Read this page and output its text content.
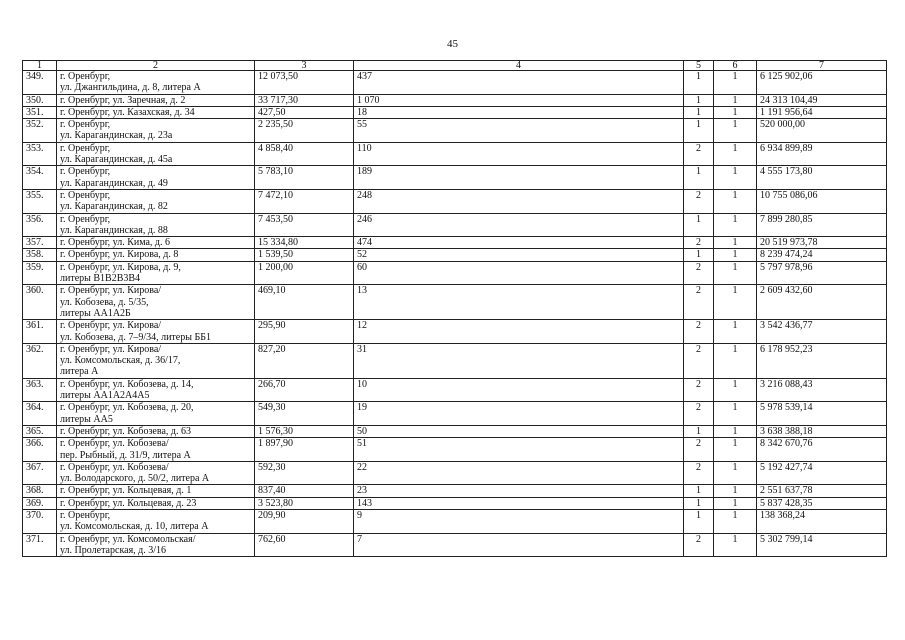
45
1	2	3	4	5	6	7
349.	г. Оренбург,
ул. Джангильдина, д. 8, литера А	12 073,50	437	1	1	6 125 902,06
350.	г. Оренбург, ул. Заречная, д. 2	33 717,30	1 070	1	1	24 313 104,49
351.	г. Оренбург, ул. Казахская, д. 34	427,50	18	1	1	1 191 956,64
352.	г. Оренбург,
ул. Карагандинская, д. 23а	2 235,50	55	1	1	520 000,00
353.	г. Оренбург,
ул. Карагандинская, д. 45а	4 858,40	110	2	1	6 934 899,89
354.	г. Оренбург,
ул. Карагандинская, д. 49	5 783,10	189	1	1	4 555 173,80
355.	г. Оренбург,
ул. Карагандинская, д. 82	7 472,10	248	2	1	10 755 086,06
356.	г. Оренбург,
ул. Карагандинская, д. 88	7 453,50	246	1	1	7 899 280,85
357.	г. Оренбург, ул. Кима, д. 6	15 334,80	474	2	1	20 519 973,78
358.	г. Оренбург, ул. Кирова, д. 8	1 539,50	52	1	1	8 239 474,24
359.	г. Оренбург, ул. Кирова, д. 9,
литеры В1В2В3В4	1 200,00	60	2	1	5 797 978,96
360.	г. Оренбург, ул. Кирова/
ул. Кобозева, д. 5/35,
литеры АА1А2Б	469,10	13	2	1	2 609 432,60
361.	г. Оренбург, ул. Кирова/
ул. Кобозева, д. 7–9/34, литеры ББ1	295,90	12	2	1	3 542 436,77
362.	г. Оренбург, ул. Кирова/
ул. Комсомольская, д. 36/17,
литера А	827,20	31	2	1	6 178 952,23
363.	г. Оренбург, ул. Кобозева, д. 14,
литеры АА1А2А4А5	266,70	10	2	1	3 216 088,43
364.	г. Оренбург, ул. Кобозева, д. 20,
литеры АА5	549,30	19	2	1	5 978 539,14
365.	г. Оренбург, ул. Кобозева, д. 63	1 576,30	50	1	1	3 638 388,18
366.	г. Оренбург, ул. Кобозева/
пер. Рыбный, д. 31/9, литера А	1 897,90	51	2	1	8 342 670,76
367.	г. Оренбург, ул. Кобозева/
ул. Володарского, д. 50/2, литера А	592,30	22	2	1	5 192 427,74
368.	г. Оренбург, ул. Кольцевая, д. 1	837,40	23	1	1	2 551 637,78
369.	г. Оренбург, ул. Кольцевая, д. 23	3 523,80	143	1	1	5 837 428,35
370.	г. Оренбург,
ул. Комсомольская, д. 10, литера А	209,90	9	1	1	138 368,24
371.	г. Оренбург, ул. Комсомольская/
ул. Пролетарская, д. 3/16	762,60	7	2	1	5 302 799,14
